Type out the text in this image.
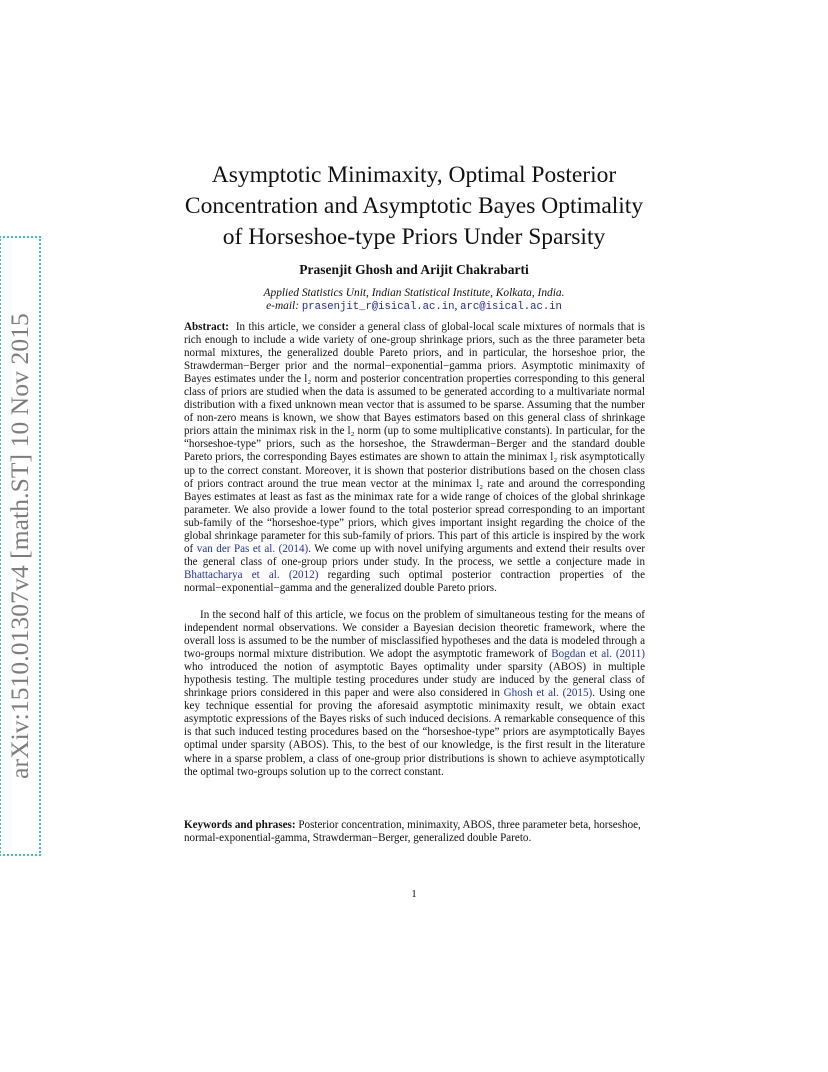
arXiv:1510.01307v4 [math.ST] 10 Nov 2015
Asymptotic Minimaxity, Optimal Posterior
Concentration and Asymptotic Bayes Optimality
of Horseshoe-type Priors Under Sparsity
Prasenjit Ghosh and Arijit Chakrabarti
Applied Statistics Unit, Indian Statistical Institute, Kolkata, India.
e-mail: prasenjit_r@isical.ac.in, arc@isical.ac.in

Abstract: In this article, we consider a general class of global-local scale mixtures of normals that is rich enough to include a wide variety of one-group shrinkage priors, such as the three parameter beta normal mixtures, the generalized double Pareto priors, and in particular, the horseshoe prior, the Strawderman−Berger prior and the normal−exponential−gamma priors. Asymptotic minimaxity of Bayes estimates under the l₂ norm and posterior concentration properties corresponding to this general class of priors are studied when the data is assumed to be generated according to a multivariate normal distribution with a fixed unknown mean vector that is assumed to be sparse. Assuming that the number of non-zero means is known, we show that Bayes estimators based on this general class of shrinkage priors attain the minimax risk in the l₂ norm (up to some multiplicative constants). In particular, for the “horseshoe-type” priors, such as the horseshoe, the Strawderman−Berger and the standard double Pareto priors, the corresponding Bayes estimates are shown to attain the minimax l₂ risk asymptotically up to the correct constant. Moreover, it is shown that posterior distributions based on the chosen class of priors contract around the true mean vector at the minimax l₂ rate and around the corresponding Bayes estimates at least as fast as the minimax rate for a wide range of choices of the global shrinkage parameter. We also provide a lower found to the total posterior spread corresponding to an important sub-family of the “horseshoe-type” priors, which gives important insight regarding the choice of the global shrinkage parameter for this sub-family of priors. This part of this article is inspired by the work of van der Pas et al. (2014). We come up with novel unifying arguments and extend their results over the general class of one-group priors under study. In the process, we settle a conjecture made in Bhattacharya et al. (2012) regarding such optimal posterior contraction properties of the normal−exponential−gamma and the generalized double Pareto priors.

In the second half of this article, we focus on the problem of simultaneous testing for the means of independent normal observations. We consider a Bayesian decision theoretic framework, where the overall loss is assumed to be the number of misclassified hypotheses and the data is modeled through a two-groups normal mixture distribution. We adopt the asymptotic framework of Bogdan et al. (2011) who introduced the notion of asymptotic Bayes optimality under sparsity (ABOS) in multiple hypothesis testing. The multiple testing procedures under study are induced by the general class of shrinkage priors considered in this paper and were also considered in Ghosh et al. (2015). Using one key technique essential for proving the aforesaid asymptotic minimaxity result, we obtain exact asymptotic expressions of the Bayes risks of such induced decisions. A remarkable consequence of this is that such induced testing procedures based on the “horseshoe-type” priors are asymptotically Bayes optimal under sparsity (ABOS). This, to the best of our knowledge, is the first result in the literature where in a sparse problem, a class of one-group prior distributions is shown to achieve asymptotically the optimal two-groups solution up to the correct constant.

Keywords and phrases: Posterior concentration, minimaxity, ABOS, three parameter beta, horseshoe, normal-exponential-gamma, Strawderman−Berger, generalized double Pareto.
1
